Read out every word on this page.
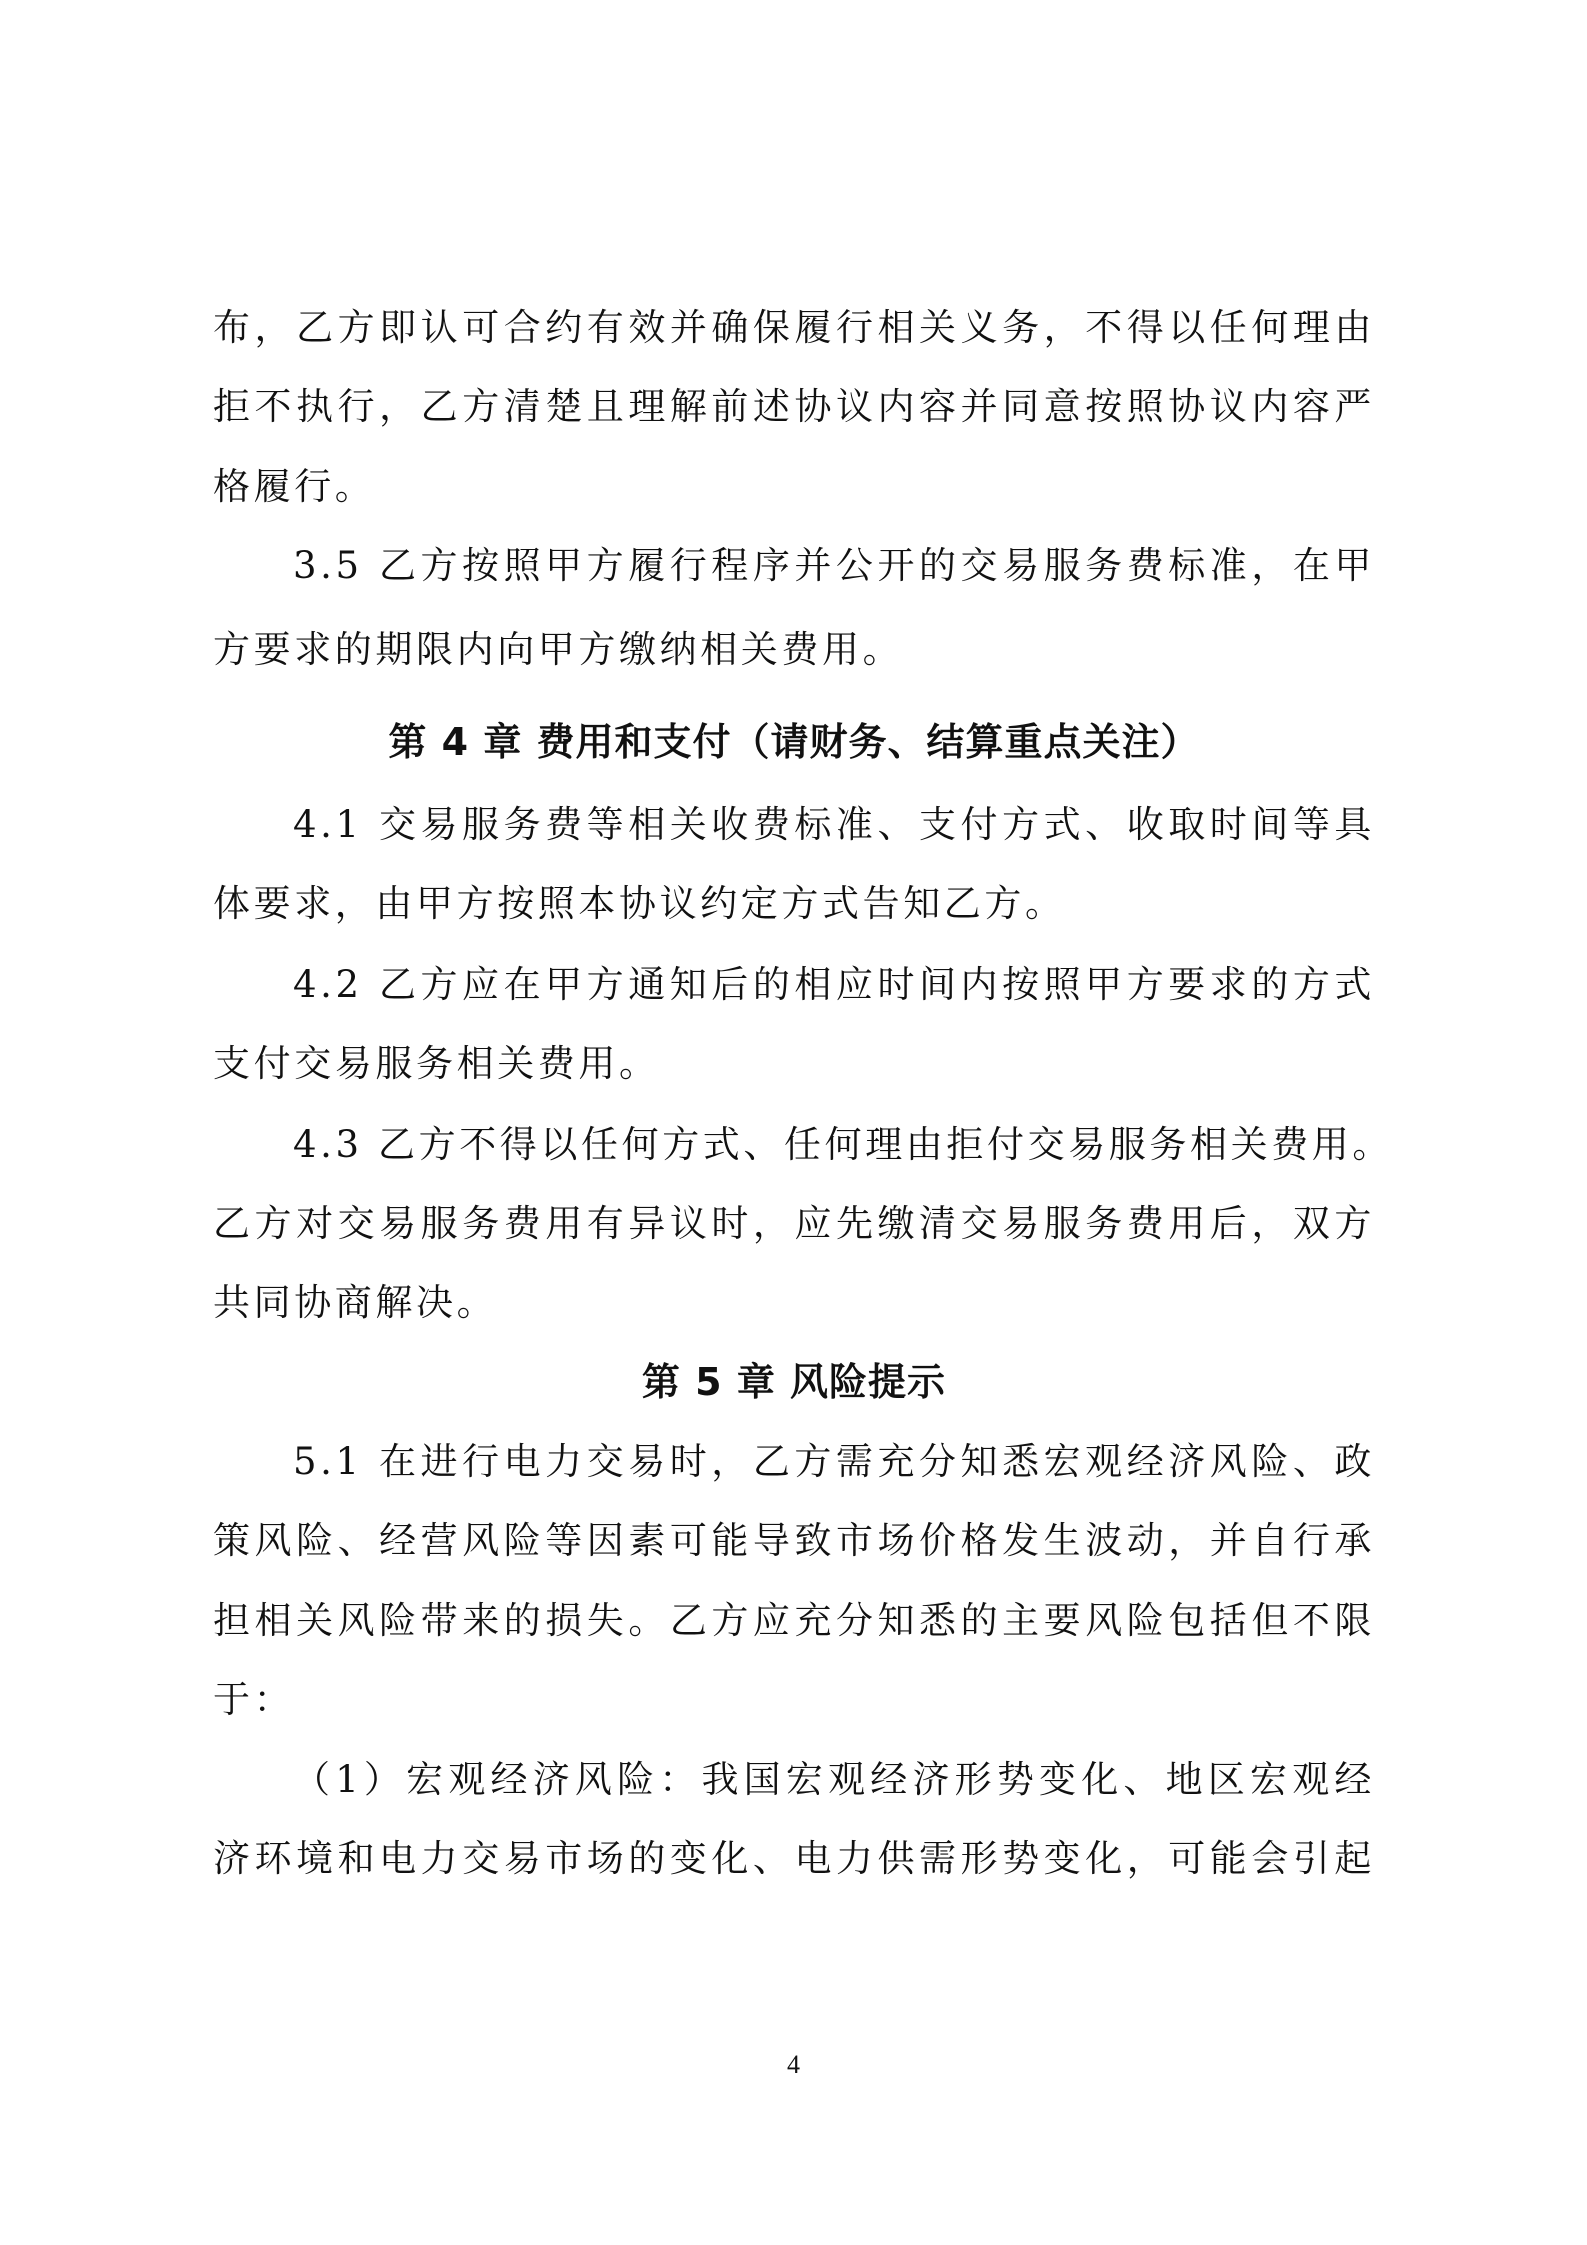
布，乙方即认可合约有效并确保履行相关义务，不得以任何理由
拒不执行，乙方清楚且理解前述协议内容并同意按照协议内容严
格履行。
3.5 乙方按照甲方履行程序并公开的交易服务费标准，在甲
方要求的期限内向甲方缴纳相关费用。
第 4 章 费用和支付（请财务、结算重点关注）
4.1 交易服务费等相关收费标准、支付方式、收取时间等具
体要求，由甲方按照本协议约定方式告知乙方。
4.2 乙方应在甲方通知后的相应时间内按照甲方要求的方式
支付交易服务相关费用。
4.3 乙方不得以任何方式、任何理由拒付交易服务相关费用。
乙方对交易服务费用有异议时，应先缴清交易服务费用后，双方
共同协商解决。
第 5 章 风险提示
5.1 在进行电力交易时，乙方需充分知悉宏观经济风险、政
策风险、经营风险等因素可能导致市场价格发生波动，并自行承
担相关风险带来的损失。乙方应充分知悉的主要风险包括但不限
于：
（1）宏观经济风险：我国宏观经济形势变化、地区宏观经
济环境和电力交易市场的变化、电力供需形势变化，可能会引起
4
